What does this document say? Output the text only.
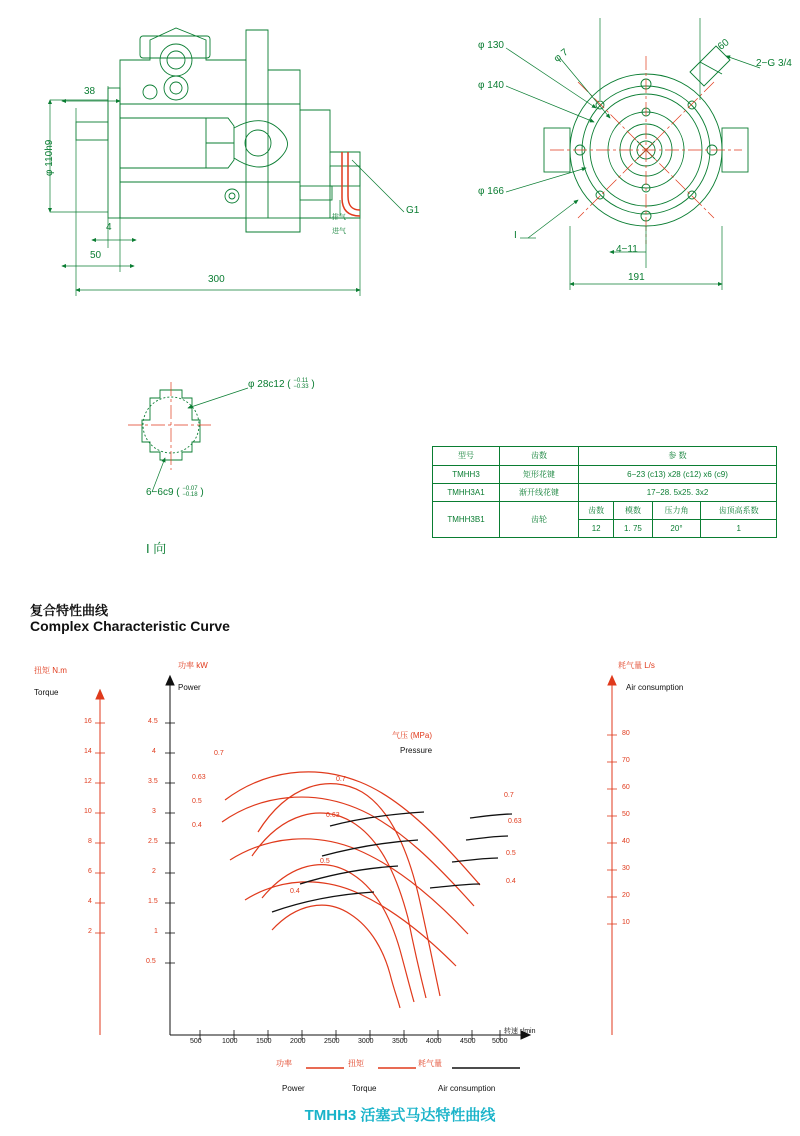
38
φ 110h9
4
50
300
G1
排气
进气
φ 130
φ 140
φ 166
φ 7
60
2−G 3/4
4−11
191
I
φ 28c12 ( −0.11
−0.33 )
6−6c9 ( −0.07
−0.18 )
I 向
型号	齿数	参 数			
TMHH3	矩形花键	6−23 (c13) x28 (c12) x6 (c9)			
TMHH3A1	渐开线花键	17−28. 5x25. 3x2			
TMHH3B1	齿轮	齿数	模数	压力角	齿顶高系数
		12	1. 75	20°	1
复合特性曲线
Complex Characteristic Curve
扭矩 N.m
Torque
功率 kW
Power
耗气量 L/s
Air consumption
气压 (MPa)
Pressure
16
14
12
10
8
6
4
2
4.5
4
3.5
3
2.5
2
1.5
1
0.5
80
70
60
50
40
30
20
10
500	1000	1500	2000	2500	3000	3500	4000	4500 5000
转速 r/min
0.7
0.63
0.5
0.4
0.7
0.63
0.5
0.4
0.7
0.63
0.5
0.4
功率	扭矩	耗气量
Power	Torque	Air consumption
TMHH3 活塞式马达特性曲线
